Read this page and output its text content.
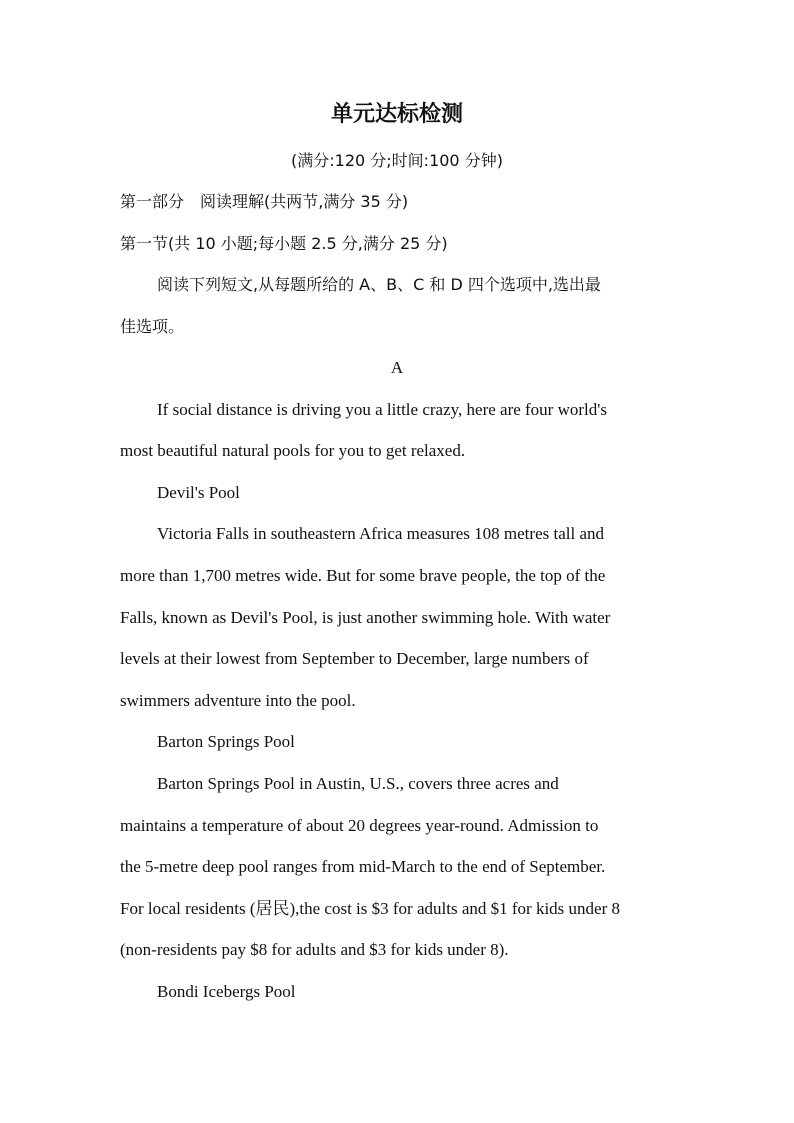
单元达标检测
(满分:120 分;时间:100 分钟)
第一部分　阅读理解(共两节,满分 35 分)
第一节(共 10 小题;每小题 2.5 分,满分 25 分)
阅读下列短文,从每题所给的 A、B、C 和 D 四个选项中,选出最
佳选项。
A
If social distance is driving you a little crazy, here are four world's
most beautiful natural pools for you to get relaxed.
Devil's Pool
Victoria Falls in southeastern Africa measures 108 metres tall and
more than 1,700 metres wide. But for some brave people, the top of the
Falls, known as Devil's Pool, is just another swimming hole. With water
levels at their lowest from September to December, large numbers of
swimmers adventure into the pool.
Barton Springs Pool
Barton Springs Pool in Austin, U.S., covers three acres and
maintains a temperature of about 20 degrees year-round. Admission to
the 5-metre deep pool ranges from mid-March to the end of September.
For local residents (居民),the cost is $3 for adults and $1 for kids under 8
(non-residents pay $8 for adults and $3 for kids under 8).
Bondi Icebergs Pool
